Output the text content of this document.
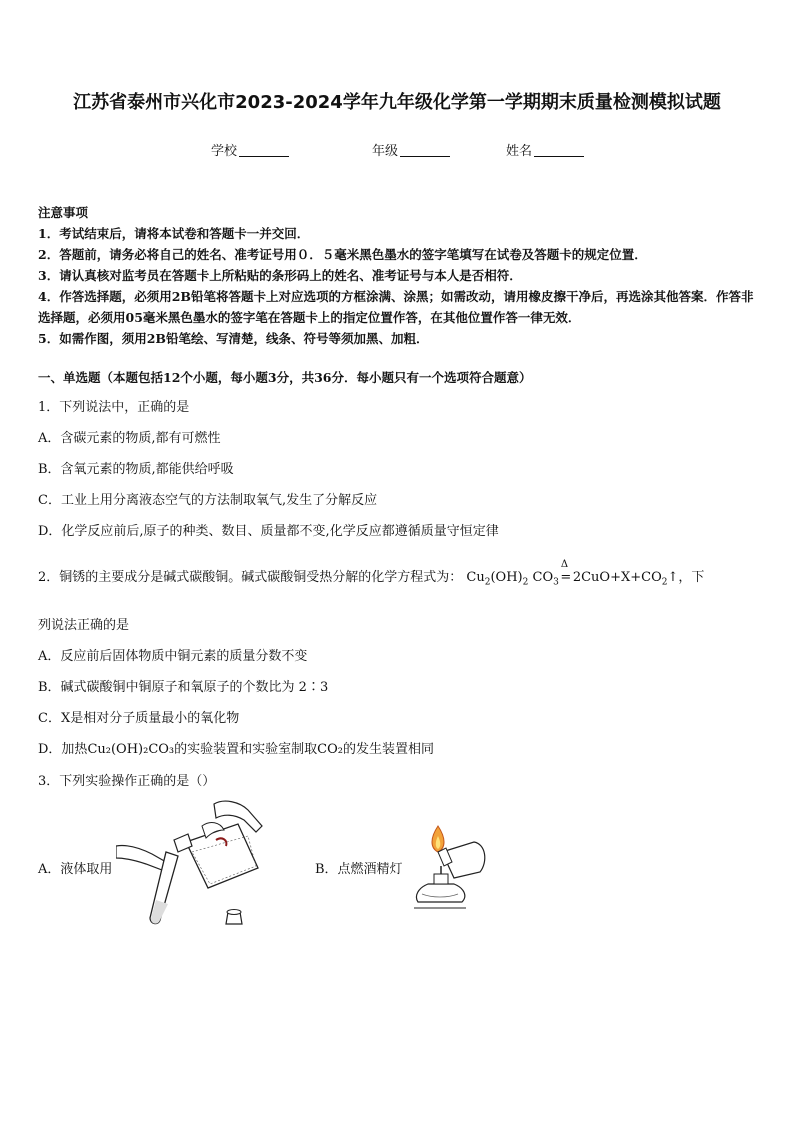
江苏省泰州市兴化市2023-2024学年九年级化学第一学期期末质量检测模拟试题
学校	年级	姓名
注意事项

1．考试结束后，请将本试卷和答题卡一并交回．

2．答题前，请务必将自己的姓名、准考证号用０．５毫米黑色墨水的签字笔填写在试卷及答题卡的规定位置．

3．请认真核对监考员在答题卡上所粘贴的条形码上的姓名、准考证号与本人是否相符．

4．作答选择题，必须用2B铅笔将答题卡上对应选项的方框涂满、涂黑；如需改动，请用橡皮擦干净后，再选涂其他答案．作答非选择题，必须用05毫米黑色墨水的签字笔在答题卡上的指定位置作答，在其他位置作答一律无效．

5．如需作图，须用2B铅笔绘、写清楚，线条、符号等须加黑、加粗．

一、单选题（本题包括12个小题，每小题3分，共36分．每小题只有一个选项符合题意）
1．下列说法中，正确的是
A．含碳元素的物质,都有可燃性
B．含氧元素的物质,都能供给呼吸
C．工业上用分离液态空气的方法制取氧气,发生了分解反应
D．化学反应前后,原子的种类、数目、质量都不变,化学反应都遵循质量守恒定律
2．铜锈的主要成分是碱式碳酸铜。碱式碳酸铜受热分解的化学方程式为： $Cu_2(OH)_2$ $CO_3$
Δ
= $2CuO+X+CO_2↑$，下
列说法正确的是
A．反应前后固体物质中铜元素的质量分数不变
B．碱式碳酸铜中铜原子和氧原子的个数比为 2∶3
C．X是相对分子质量最小的氧化物
D．加热Cu₂(OH)₂CO₃的实验装置和实验室制取CO₂的发生装置相同
3．下列实验操作正确的是（）
A．液体取用	B．点燃酒精灯
